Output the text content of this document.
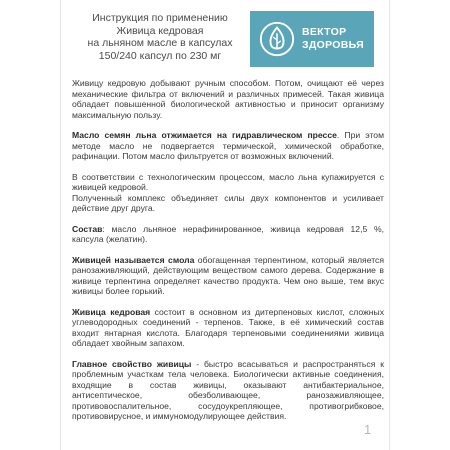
Инструкция по применению
Живица кедровая
на льняном масле в капсулах
150/240 капсул по 230 мг
ВЕКТОР
ЗДОРОВЬЯ

Живицу кедровую добывают ручным способом. Потом, очищают её через механические фильтра от включений и различных примесей. Такая живица обладает повышенной биологической активностью и приносит организму максимальную пользу.

Масло семян льна отжимается на гидравлическом прессе. При этом методе масло не подвергается термической, химической обработке, рафинации. Потом масло фильтруется от возможных включений.

В соответствии с технологическим процессом, масло льна купажируется с живицей кедровой.

Полученный комплекс объединяет силы двух компонентов и усиливает действие друг друга.

Состав: масло льняное нерафинированное, живица кедровая 12,5 %, капсула (желатин).

Живицей называется смола обогащенная терпентином, который является ранозаживляющий, действующим веществом самого дерева. Содержание в живице терпентина определяет качество продукта. Чем оно выше, тем вкус живицы более горький.

Живица кедровая состоит в основном из дитерпеновых кислот, сложных углеводородных соединений - терпенов. Также, в её химический состав входит янтарная кислота. Благодаря терпеновыми соединениями живица обладает хвойным запахом.

Главное свойство живицы - быстро всасываться и распространяться к проблемным участкам тела человека. Биологически активные соединения, входящие в состав живицы, оказывают антибактериальное, антисептическое, обезболивающее, ранозаживляющее, противовоспалительное, сосудоукрепляющее, противогрибковое, противовирусное, и иммуномодулирующее действия.

1
